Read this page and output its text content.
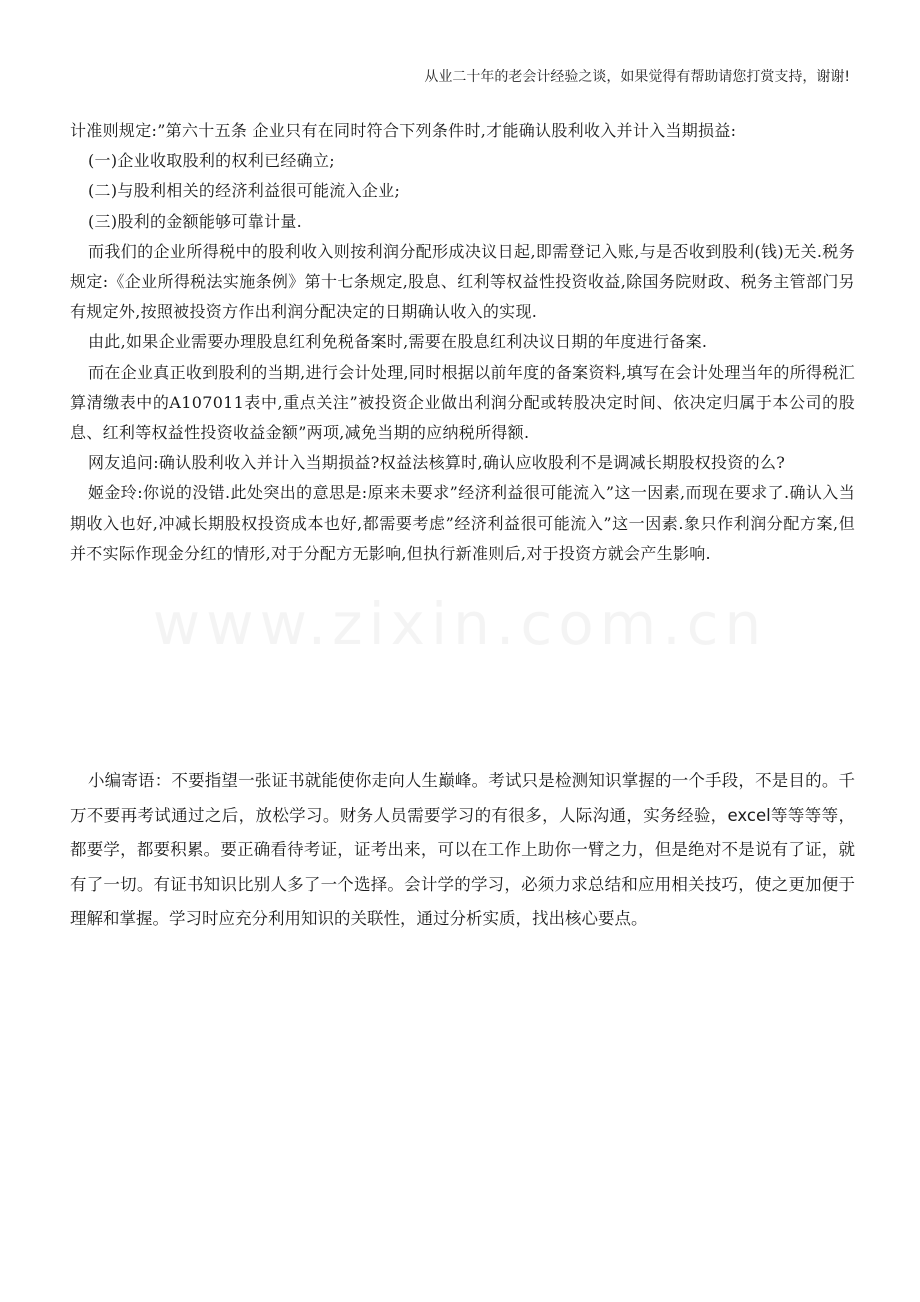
从业二十年的老会计经验之谈，如果觉得有帮助请您打赏支持，谢谢!

计准则规定:”第六十五条 企业只有在同时符合下列条件时,才能确认股利收入并计入当期损益:

(一)企业收取股利的权利已经确立;

(二)与股利相关的经济利益很可能流入企业;

(三)股利的金额能够可靠计量.

而我们的企业所得税中的股利收入则按利润分配形成决议日起,即需登记入账,与是否收到股利(钱)无关.税务规定:《企业所得税法实施条例》第十七条规定,股息、红利等权益性投资收益,除国务院财政、税务主管部门另有规定外,按照被投资方作出利润分配决定的日期确认收入的实现.

由此,如果企业需要办理股息红利免税备案时,需要在股息红利决议日期的年度进行备案.

而在企业真正收到股利的当期,进行会计处理,同时根据以前年度的备案资料,填写在会计处理当年的所得税汇算清缴表中的A107011表中,重点关注”被投资企业做出利润分配或转股决定时间、依决定归属于本公司的股息、红利等权益性投资收益金额”两项,减免当期的应纳税所得额.

网友追问:确认股利收入并计入当期损益?权益法核算时,确认应收股利不是调减长期股权投资的么?

姬金玲:你说的没错.此处突出的意思是:原来未要求”经济利益很可能流入”这一因素,而现在要求了.确认入当期收入也好,冲减长期股权投资成本也好,都需要考虑”经济利益很可能流入”这一因素.象只作利润分配方案,但并不实际作现金分红的情形,对于分配方无影响,但执行新准则后,对于投资方就会产生影响.

小编寄语：不要指望一张证书就能使你走向人生巅峰。考试只是检测知识掌握的一个手段，不是目的。千万不要再考试通过之后，放松学习。财务人员需要学习的有很多，人际沟通，实务经验，excel等等等等，都要学，都要积累。要正确看待考证，证考出来，可以在工作上助你一臂之力，但是绝对不是说有了证，就有了一切。有证书知识比别人多了一个选择。会计学的学习，必须力求总结和应用相关技巧，使之更加便于理解和掌握。学习时应充分利用知识的关联性，通过分析实质，找出核心要点。
